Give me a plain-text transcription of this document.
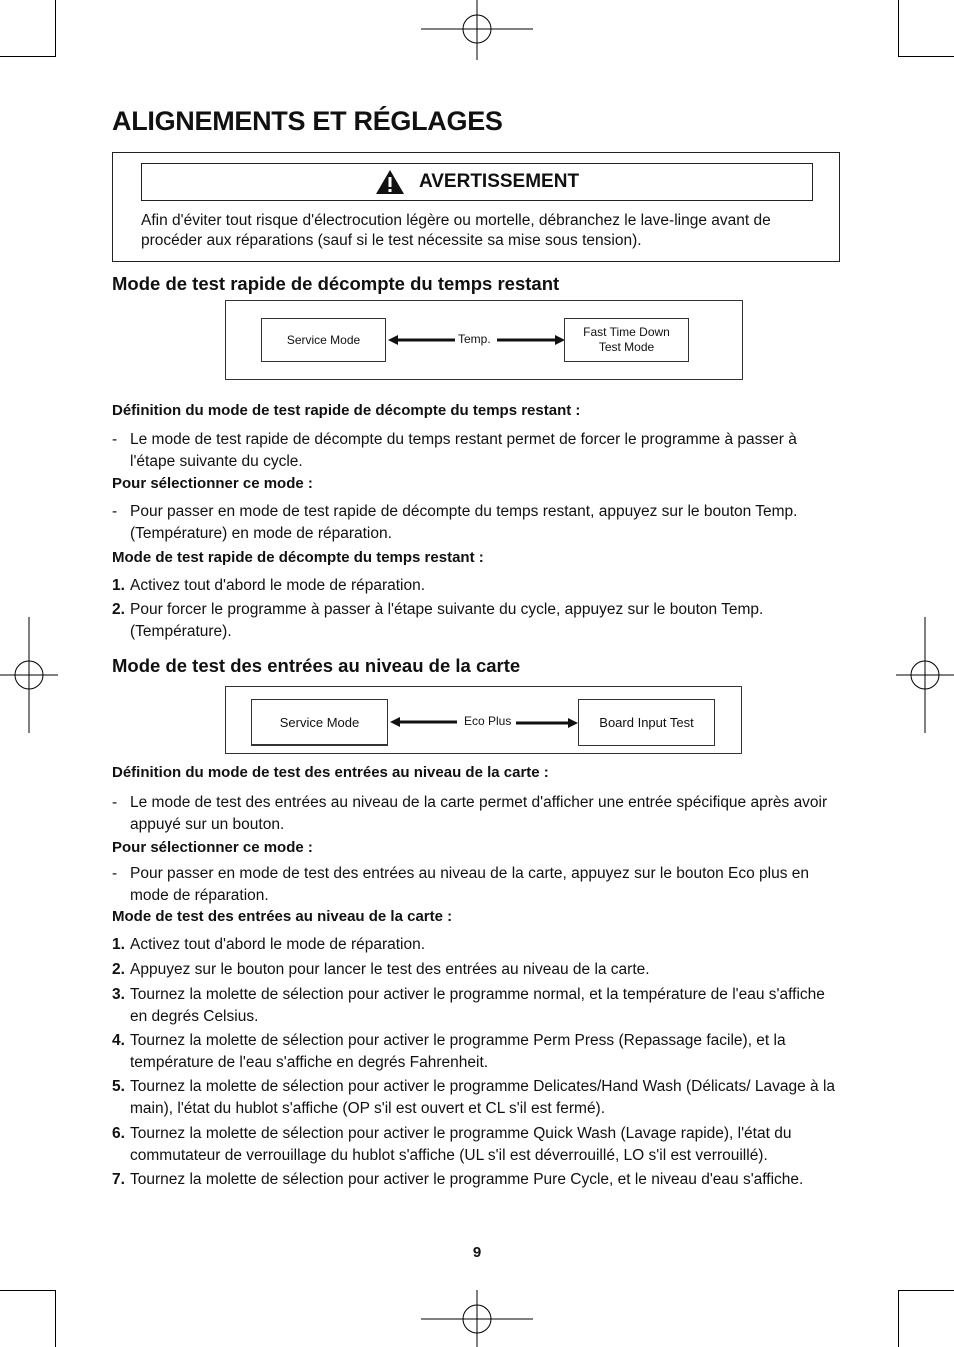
ALIGNEMENTS ET RÉGLAGES
AVERTISSEMENT
Afin d'éviter tout risque d'électrocution légère ou mortelle, débranchez le lave-linge avant de procéder aux réparations (sauf si le test nécessite sa mise sous tension).
Mode de test rapide de décompte du temps restant
Service Mode	Temp.	Fast Time Down Test Mode
Définition du mode de test rapide de décompte du temps restant :
- Le mode de test rapide de décompte du temps restant permet de forcer le programme à passer à l'étape suivante du cycle.
Pour sélectionner ce mode :
- Pour passer en mode de test rapide de décompte du temps restant, appuyez sur le bouton Temp. (Température) en mode de réparation.
Mode de test rapide de décompte du temps restant :
1. Activez tout d'abord le mode de réparation.
2. Pour forcer le programme à passer à l'étape suivante du cycle, appuyez sur le bouton Temp. (Température).
Mode de test des entrées au niveau de la carte
Service Mode	Eco Plus	Board Input Test
Définition du mode de test des entrées au niveau de la carte :
- Le mode de test des entrées au niveau de la carte permet d'afficher une entrée spécifique après avoir appuyé sur un bouton.
Pour sélectionner ce mode :
- Pour passer en mode de test des entrées au niveau de la carte, appuyez sur le bouton Eco plus en mode de réparation.
Mode de test des entrées au niveau de la carte :
1. Activez tout d'abord le mode de réparation.
2. Appuyez sur le bouton pour lancer le test des entrées au niveau de la carte.
3. Tournez la molette de sélection pour activer le programme normal, et la température de l'eau s'affiche en degrés Celsius.
4. Tournez la molette de sélection pour activer le programme Perm Press (Repassage facile), et la température de l'eau s'affiche en degrés Fahrenheit.
5. Tournez la molette de sélection pour activer le programme Delicates/Hand Wash (Délicats/ Lavage à la main), l'état du hublot s'affiche (OP s'il est ouvert et CL s'il est fermé).
6. Tournez la molette de sélection pour activer le programme Quick Wash (Lavage rapide), l'état du commutateur de verrouillage du hublot s'affiche (UL s'il est déverrouillé, LO s'il est verrouillé).
7. Tournez la molette de sélection pour activer le programme Pure Cycle, et le niveau d'eau s'affiche.
9
